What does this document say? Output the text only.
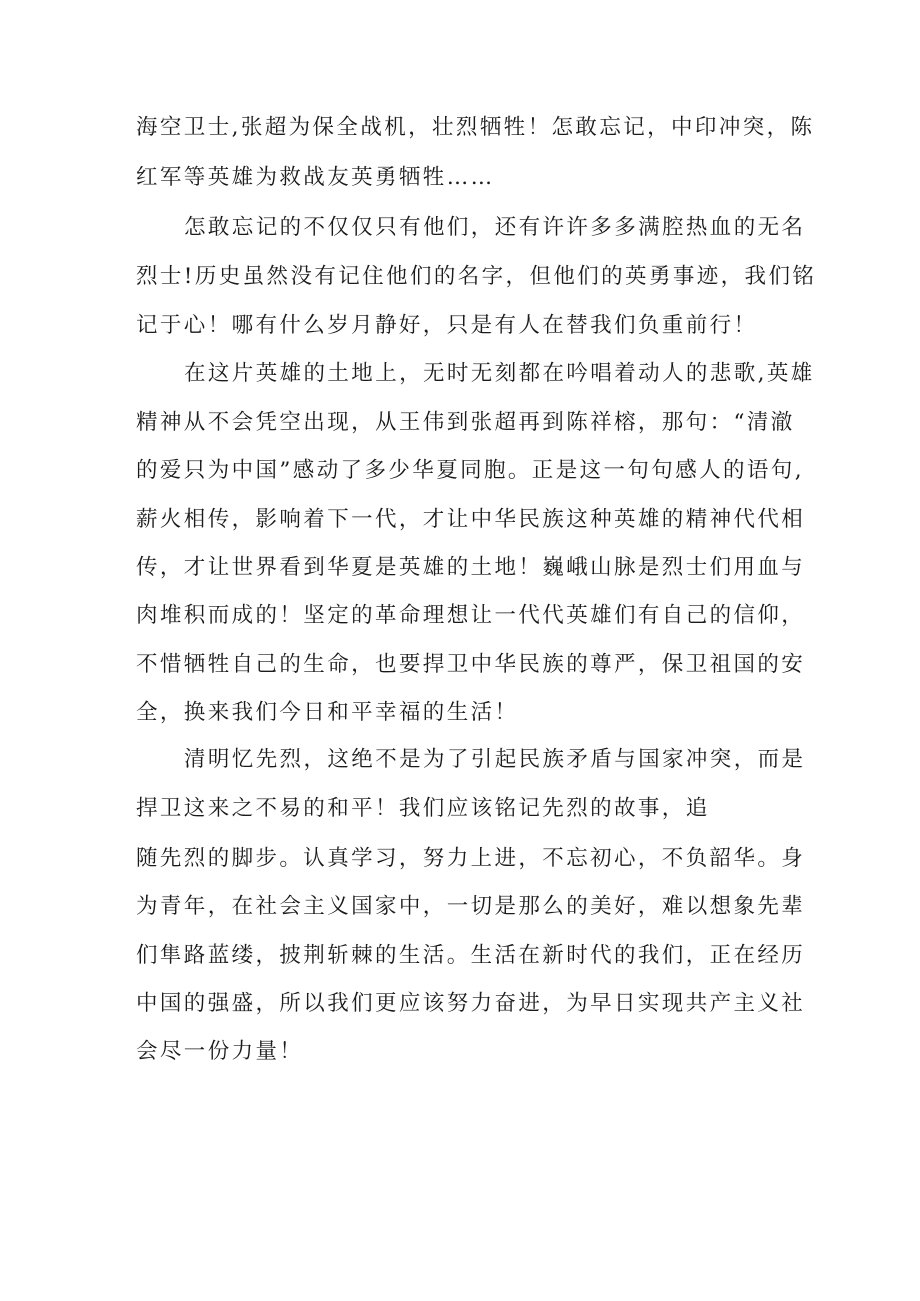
海空卫士,张超为保全战机，壮烈牺牲！怎敢忘记，中印冲突，陈
红军等英雄为救战友英勇牺牲……
怎敢忘记的不仅仅只有他们，还有许许多多满腔热血的无名
烈士!历史虽然没有记住他们的名字，但他们的英勇事迹，我们铭
记于心！哪有什么岁月静好，只是有人在替我们负重前行！
在这片英雄的土地上，无时无刻都在吟唱着动人的悲歌,英雄
精神从不会凭空出现，从王伟到张超再到陈祥榕，那句：“清澈
的爱只为中国”感动了多少华夏同胞。正是这一句句感人的语句,
薪火相传，影响着下一代，才让中华民族这种英雄的精神代代相
传，才让世界看到华夏是英雄的土地！巍峨山脉是烈士们用血与
肉堆积而成的！坚定的革命理想让一代代英雄们有自己的信仰，
不惜牺牲自己的生命，也要捍卫中华民族的尊严，保卫祖国的安
全，换来我们今日和平幸福的生活！
清明忆先烈，这绝不是为了引起民族矛盾与国家冲突，而是
捍卫这来之不易的和平！我们应该铭记先烈的故事，追
随先烈的脚步。认真学习，努力上进，不忘初心，不负韶华。身
为青年，在社会主义国家中，一切是那么的美好，难以想象先辈
们隼路蓝缕，披荆斩棘的生活。生活在新时代的我们，正在经历
中国的强盛，所以我们更应该努力奋进，为早日实现共产主义社
会尽一份力量！
